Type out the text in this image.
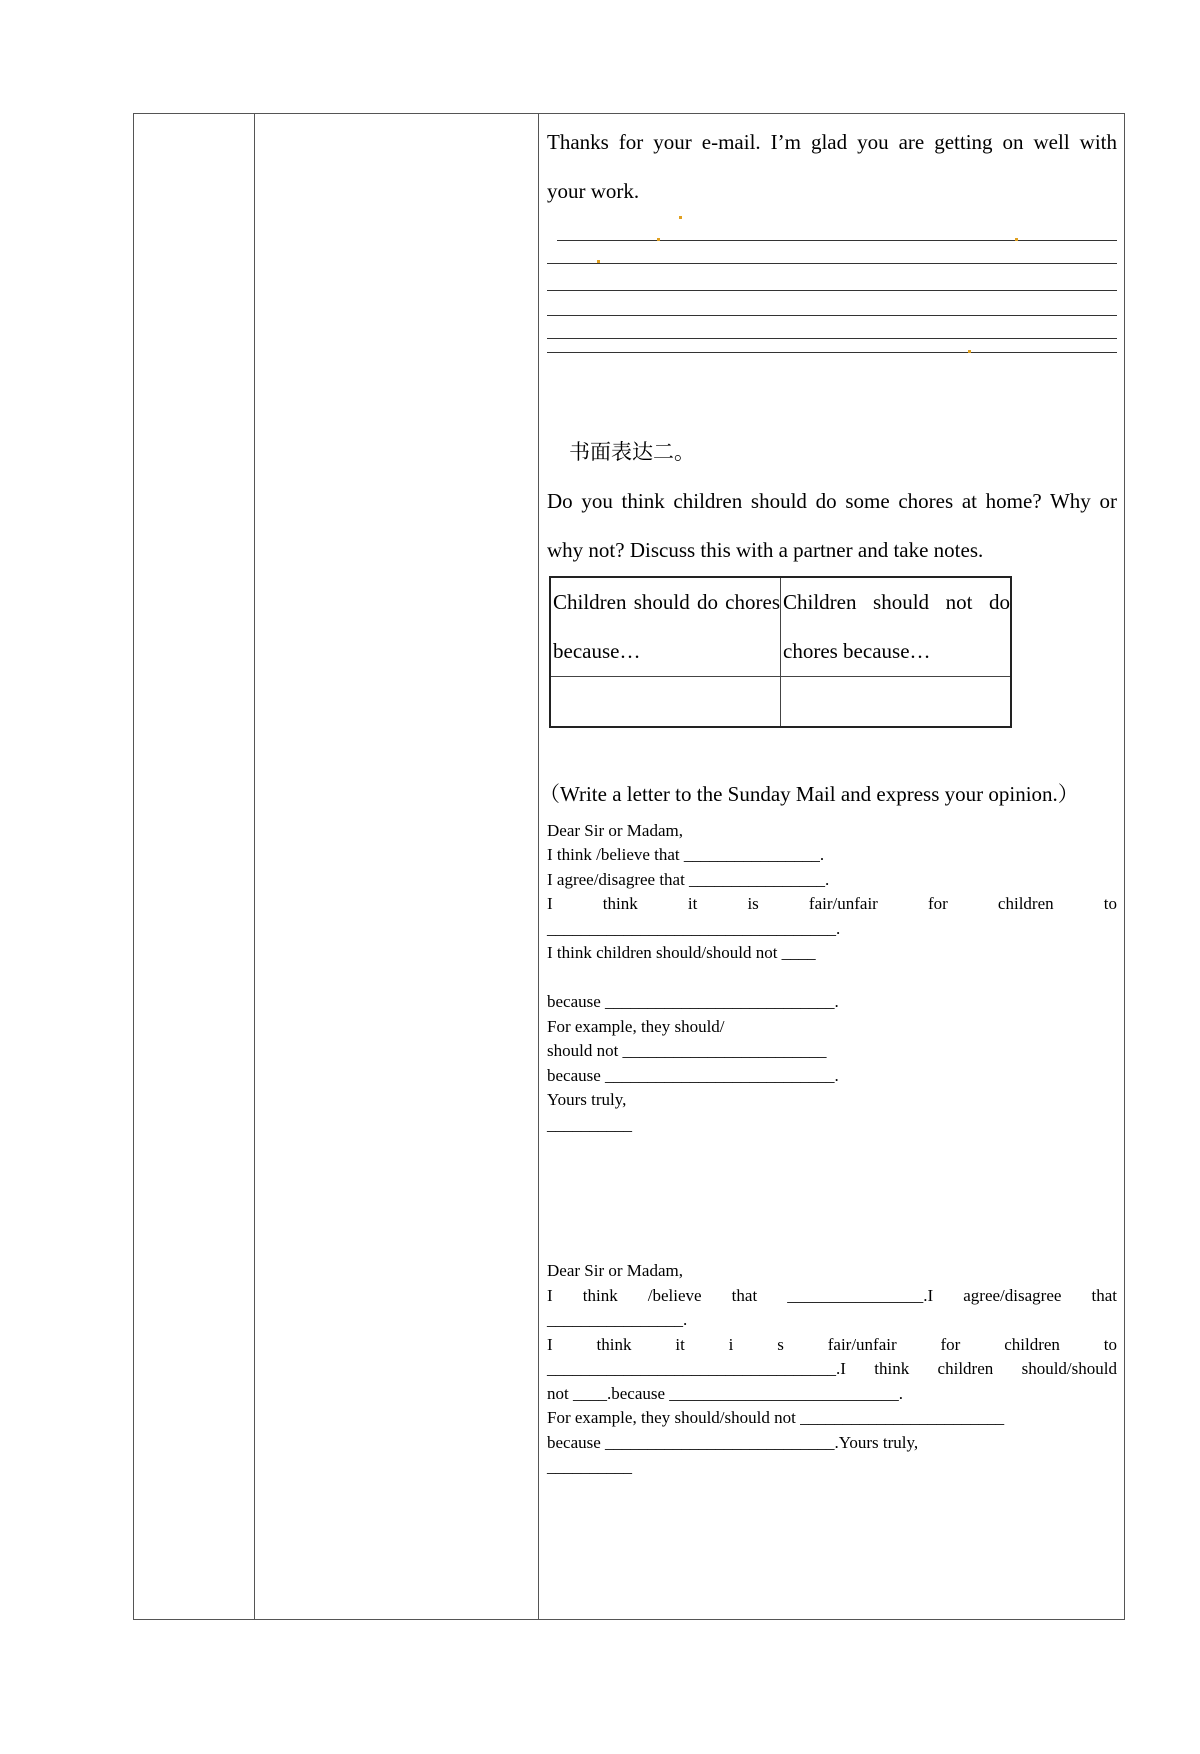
Thanks for your e-mail. I’m glad you are getting on well with

your work.

书面表达二。

Do you think children should do some chores at home? Why or

why not? Discuss this with a partner and take notes.

Children should do chores because…	Children should not do chores because…

（Write a letter to the Sunday Mail and express your opinion.）

Dear Sir or Madam,

I think /believe that ________________.

I agree/disagree that ________________.

I think it is fair/unfair for children to

__________________________________.

I think children should/should not ____

because ___________________________.

For example, they should/

should not ________________________

because ___________________________.

Yours truly,

__________

Dear Sir or Madam,

I think /believe that ________________.I agree/disagree that

________________.

I think it i s fair/unfair for children to

__________________________________.I think children should/should

not ____.because ___________________________.

For example, they should/should not ________________________

because ___________________________.Yours truly,

__________
